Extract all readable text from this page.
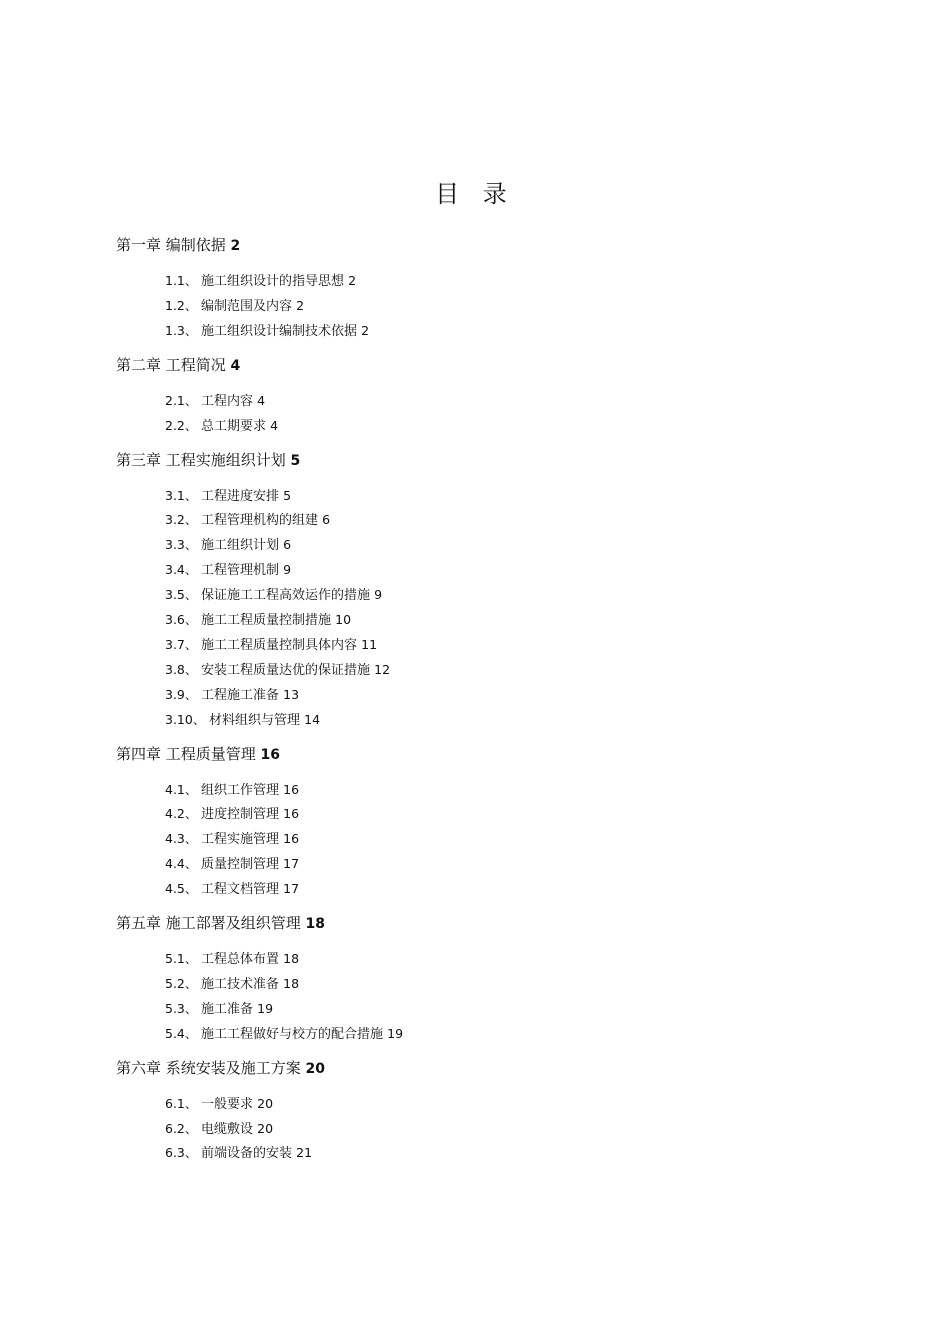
目 录
第一章 编制依据 2
1.1、 施工组织设计的指导思想 2
1.2、 编制范围及内容 2
1.3、 施工组织设计编制技术依据 2
第二章 工程简况 4
2.1、 工程内容 4
2.2、 总工期要求 4
第三章 工程实施组织计划 5
3.1、 工程进度安排 5
3.2、 工程管理机构的组建 6
3.3、 施工组织计划 6
3.4、 工程管理机制 9
3.5、 保证施工工程高效运作的措施 9
3.6、 施工工程质量控制措施 10
3.7、 施工工程质量控制具体内容 11
3.8、 安装工程质量达优的保证措施 12
3.9、 工程施工准备 13
3.10、 材料组织与管理 14
第四章 工程质量管理 16
4.1、 组织工作管理 16
4.2、 进度控制管理 16
4.3、 工程实施管理 16
4.4、 质量控制管理 17
4.5、 工程文档管理 17
第五章 施工部署及组织管理 18
5.1、 工程总体布置 18
5.2、 施工技术准备 18
5.3、 施工准备 19
5.4、 施工工程做好与校方的配合措施 19
第六章 系统安装及施工方案 20
6.1、 一般要求 20
6.2、 电缆敷设 20
6.3、 前端设备的安装 21
